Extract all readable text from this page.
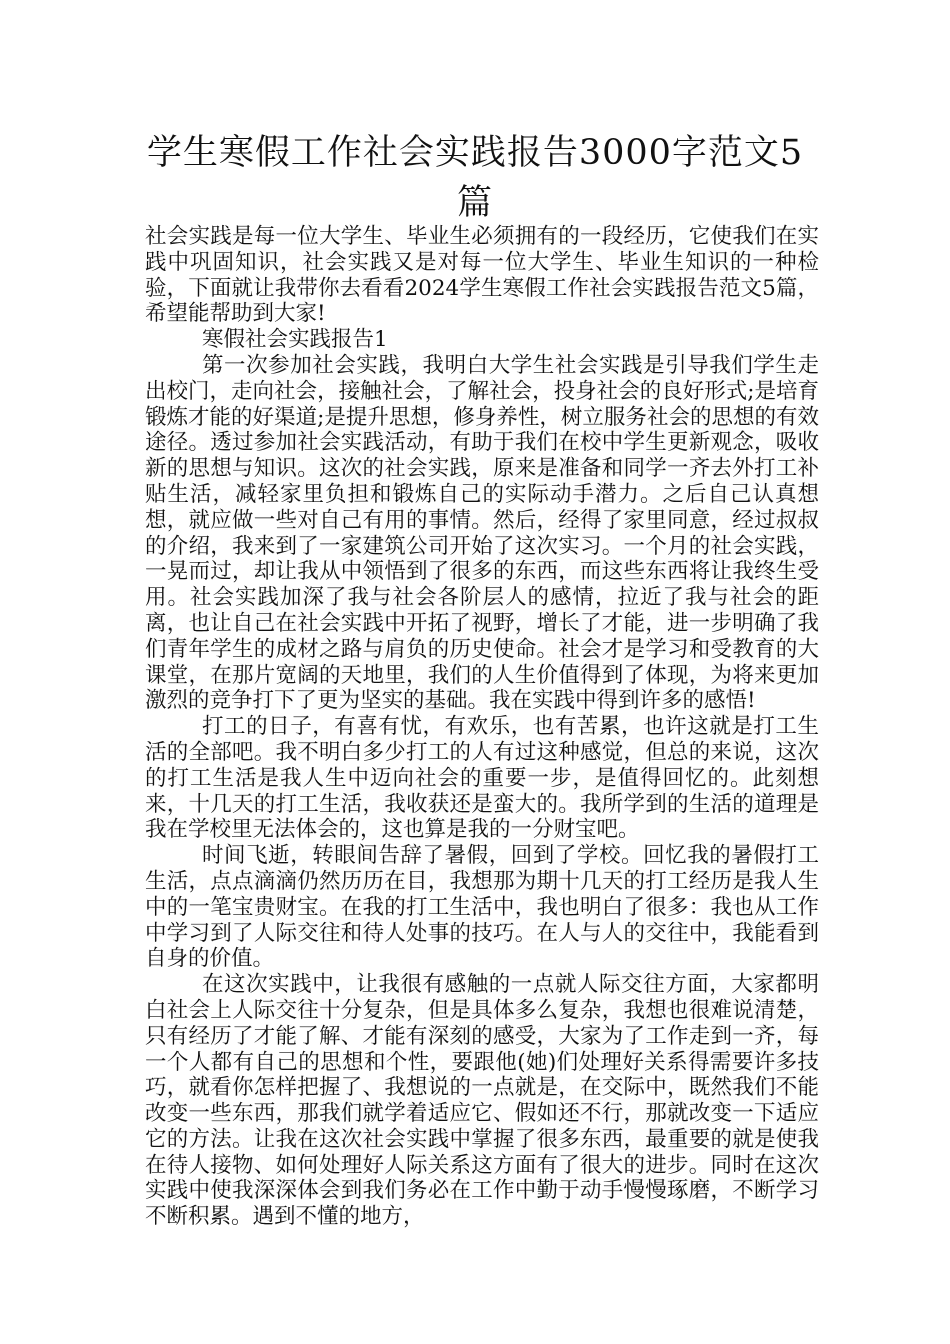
学生寒假工作社会实践报告3000字范文5篇

社会实践是每一位大学生、毕业生必须拥有的一段经历，它使我们在实践中巩固知识，社会实践又是对每一位大学生、毕业生知识的一种检验，下面就让我带你去看看2024学生寒假工作社会实践报告范文5篇，希望能帮助到大家!

寒假社会实践报告1

第一次参加社会实践，我明白大学生社会实践是引导我们学生走出校门，走向社会，接触社会，了解社会，投身社会的良好形式;是培育锻炼才能的好渠道;是提升思想，修身养性，树立服务社会的思想的有效途径。透过参加社会实践活动，有助于我们在校中学生更新观念，吸收新的思想与知识。这次的社会实践，原来是准备和同学一齐去外打工补贴生活，减轻家里负担和锻炼自己的实际动手潜力。之后自己认真想想，就应做一些对自己有用的事情。然后，经得了家里同意，经过叔叔的介绍，我来到了一家建筑公司开始了这次实习。一个月的社会实践，一晃而过，却让我从中领悟到了很多的东西，而这些东西将让我终生受用。社会实践加深了我与社会各阶层人的感情，拉近了我与社会的距离，也让自己在社会实践中开拓了视野，增长了才能，进一步明确了我们青年学生的成材之路与肩负的历史使命。社会才是学习和受教育的大课堂，在那片宽阔的天地里，我们的人生价值得到了体现，为将来更加激烈的竞争打下了更为坚实的基础。我在实践中得到许多的感悟!

打工的日子，有喜有忧，有欢乐，也有苦累，也许这就是打工生活的全部吧。我不明白多少打工的人有过这种感觉，但总的来说，这次的打工生活是我人生中迈向社会的重要一步，是值得回忆的。此刻想来，十几天的打工生活，我收获还是蛮大的。我所学到的生活的道理是我在学校里无法体会的，这也算是我的一分财宝吧。

时间飞逝，转眼间告辞了暑假，回到了学校。回忆我的暑假打工生活，点点滴滴仍然历历在目，我想那为期十几天的打工经历是我人生中的一笔宝贵财宝。在我的打工生活中，我也明白了很多：我也从工作中学习到了人际交往和待人处事的技巧。在人与人的交往中，我能看到自身的价值。

在这次实践中，让我很有感触的一点就人际交往方面，大家都明白社会上人际交往十分复杂，但是具体多么复杂，我想也很难说清楚，只有经历了才能了解、才能有深刻的感受，大家为了工作走到一齐，每一个人都有自己的思想和个性，要跟他(她)们处理好关系得需要许多技巧，就看你怎样把握了、我想说的一点就是，在交际中，既然我们不能改变一些东西，那我们就学着适应它、假如还不行，那就改变一下适应它的方法。让我在这次社会实践中掌握了很多东西，最重要的就是使我在待人接物、如何处理好人际关系这方面有了很大的进步。同时在这次实践中使我深深体会到我们务必在工作中勤于动手慢慢琢磨，不断学习不断积累。遇到不懂的地方，
